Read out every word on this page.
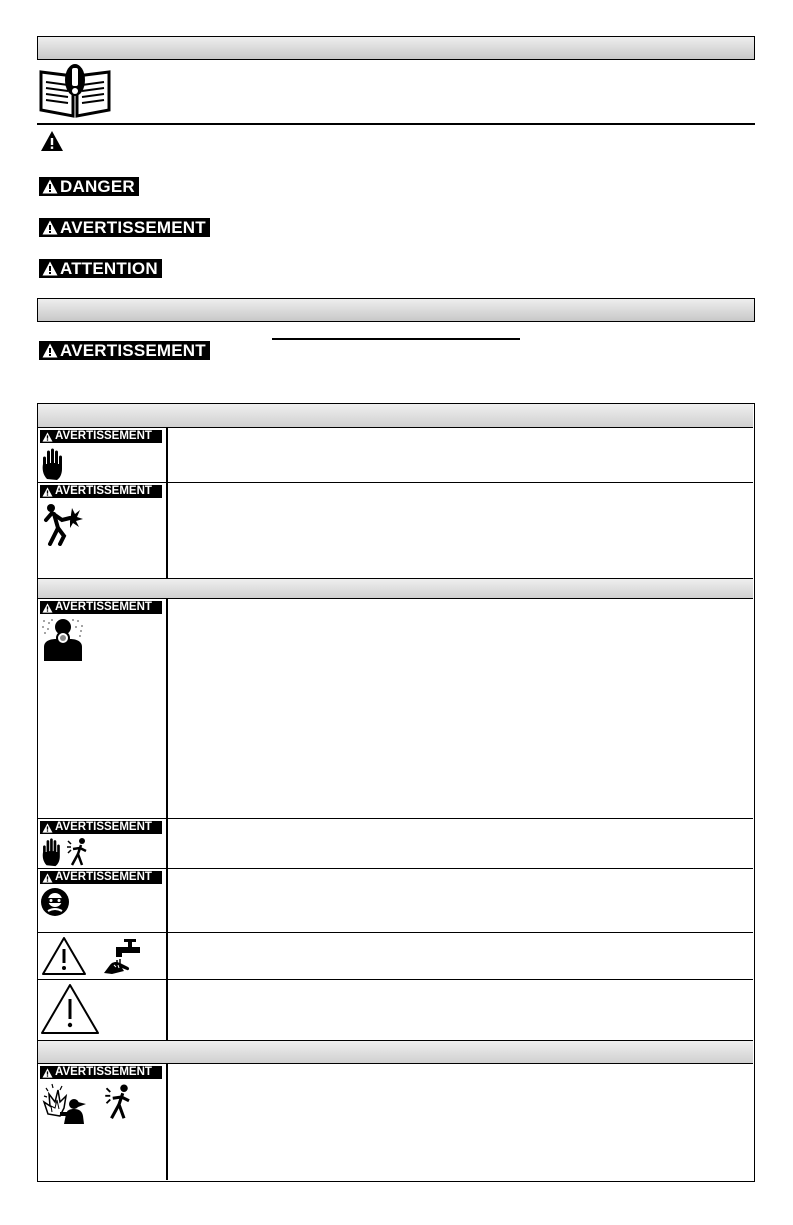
DANGER
AVERTISSEMENT
ATTENTION
AVERTISSEMENT
AVERTISSEMENT
AVERTISSEMENT
AVERTISSEMENT
AVERTISSEMENT
AVERTISSEMENT
AVERTISSEMENT
